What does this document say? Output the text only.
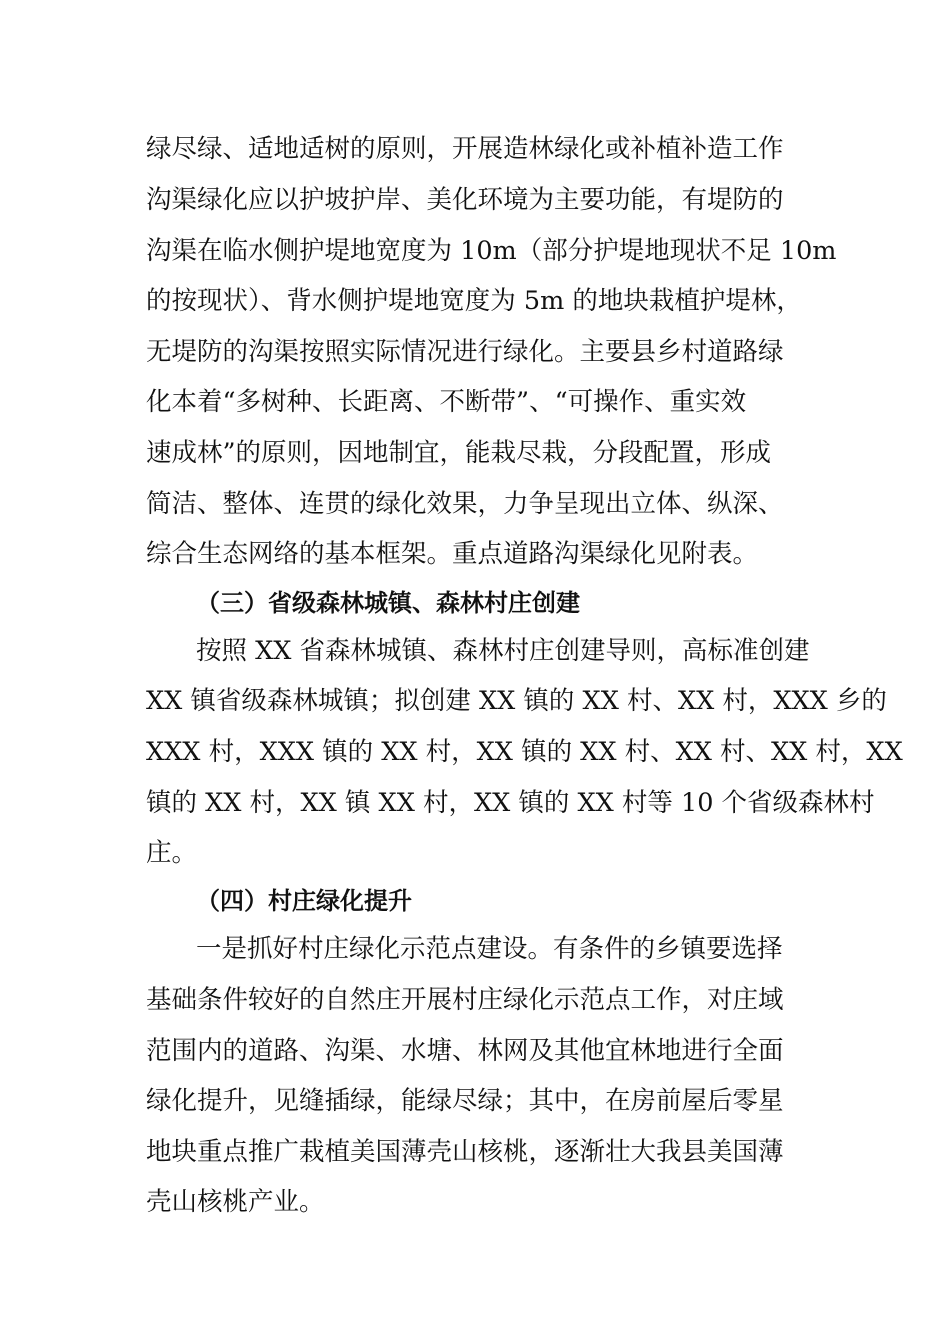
绿尽绿、适地适树的原则，开展造林绿化或补植补造工作
沟渠绿化应以护坡护岸、美化环境为主要功能，有堤防的
沟渠在临水侧护堤地宽度为 10m（部分护堤地现状不足 10m
的按现状）、背水侧护堤地宽度为 5m 的地块栽植护堤林，
无堤防的沟渠按照实际情况进行绿化。主要县乡村道路绿
化本着“多树种、长距离、不断带”、“可操作、重实效
速成林”的原则，因地制宜，能栽尽栽，分段配置，形成
简洁、整体、连贯的绿化效果，力争呈现出立体、纵深、
综合生态网络的基本框架。重点道路沟渠绿化见附表。
（三）省级森林城镇、森林村庄创建
按照 XX 省森林城镇、森林村庄创建导则，高标准创建
XX 镇省级森林城镇；拟创建 XX 镇的 XX 村、XX 村，XXX 乡的
XXX 村，XXX 镇的 XX 村，XX 镇的 XX 村、XX 村、XX 村，XX
镇的 XX 村，XX 镇 XX 村，XX 镇的 XX 村等 10 个省级森林村
庄。
（四）村庄绿化提升
一是抓好村庄绿化示范点建设。有条件的乡镇要选择
基础条件较好的自然庄开展村庄绿化示范点工作，对庄域
范围内的道路、沟渠、水塘、林网及其他宜林地进行全面
绿化提升，见缝插绿，能绿尽绿；其中，在房前屋后零星
地块重点推广栽植美国薄壳山核桃，逐渐壮大我县美国薄
壳山核桃产业。
